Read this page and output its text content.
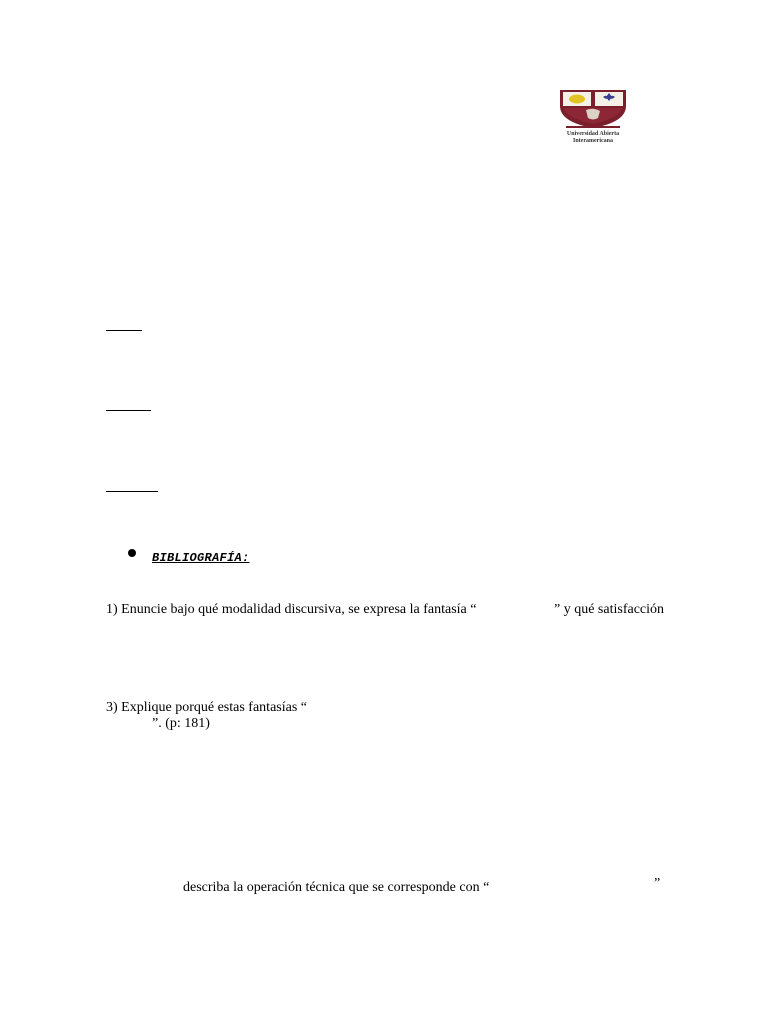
Universidad Abierta
Interamericana
BIBLIOGRAFÍA:
1) Enuncie bajo qué modalidad discursiva, se expresa la fantasía “	” y qué satisfacción
3) Explique porqué estas fantasías “
”. (p: 181)
describa la operación técnica que se corresponde con “	”
